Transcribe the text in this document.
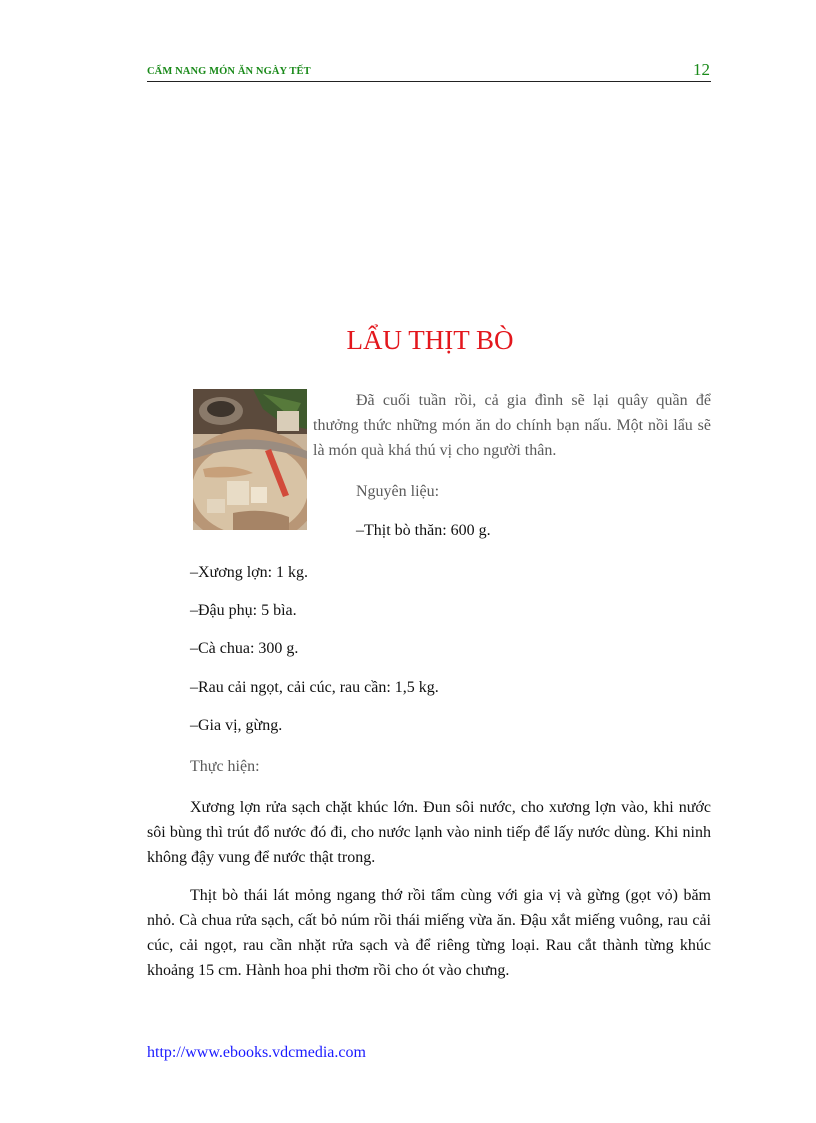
CẨM NANG MÓN ĂN NGÀY TẾT	12
LẨU THỊT BÒ

Đã cuối tuần rồi, cả gia đình sẽ lại quây quần để thưởng thức những món ăn do chính bạn nấu. Một nồi lẩu sẽ là món quà khá thú vị cho người thân.

Nguyên liệu:

–Thịt bò thăn: 600 g.

–Xương lợn: 1 kg.

–Đậu phụ: 5 bìa.

–Cà chua: 300 g.

–Rau cải ngọt, cải cúc, rau cần: 1,5 kg.

–Gia vị, gừng.

Thực hiện:

Xương lợn rửa sạch chặt khúc lớn. Đun sôi nước, cho xương lợn vào, khi nước sôi bùng thì trút đổ nước đó đi, cho nước lạnh vào ninh tiếp để lấy nước dùng. Khi ninh không đậy vung để nước thật trong.

Thịt bò thái lát mỏng ngang thớ rồi tẩm cùng với gia vị và gừng (gọt vỏ) băm nhỏ. Cà chua rửa sạch, cất bỏ núm rồi thái miếng vừa ăn. Đậu xắt miếng vuông, rau cải cúc, cải ngọt, rau cần nhặt rửa sạch và để riêng từng loại. Rau cắt thành từng khúc khoảng 15 cm. Hành hoa phi thơm rồi cho ót vào chưng.

http://www.ebooks.vdcmedia.com
